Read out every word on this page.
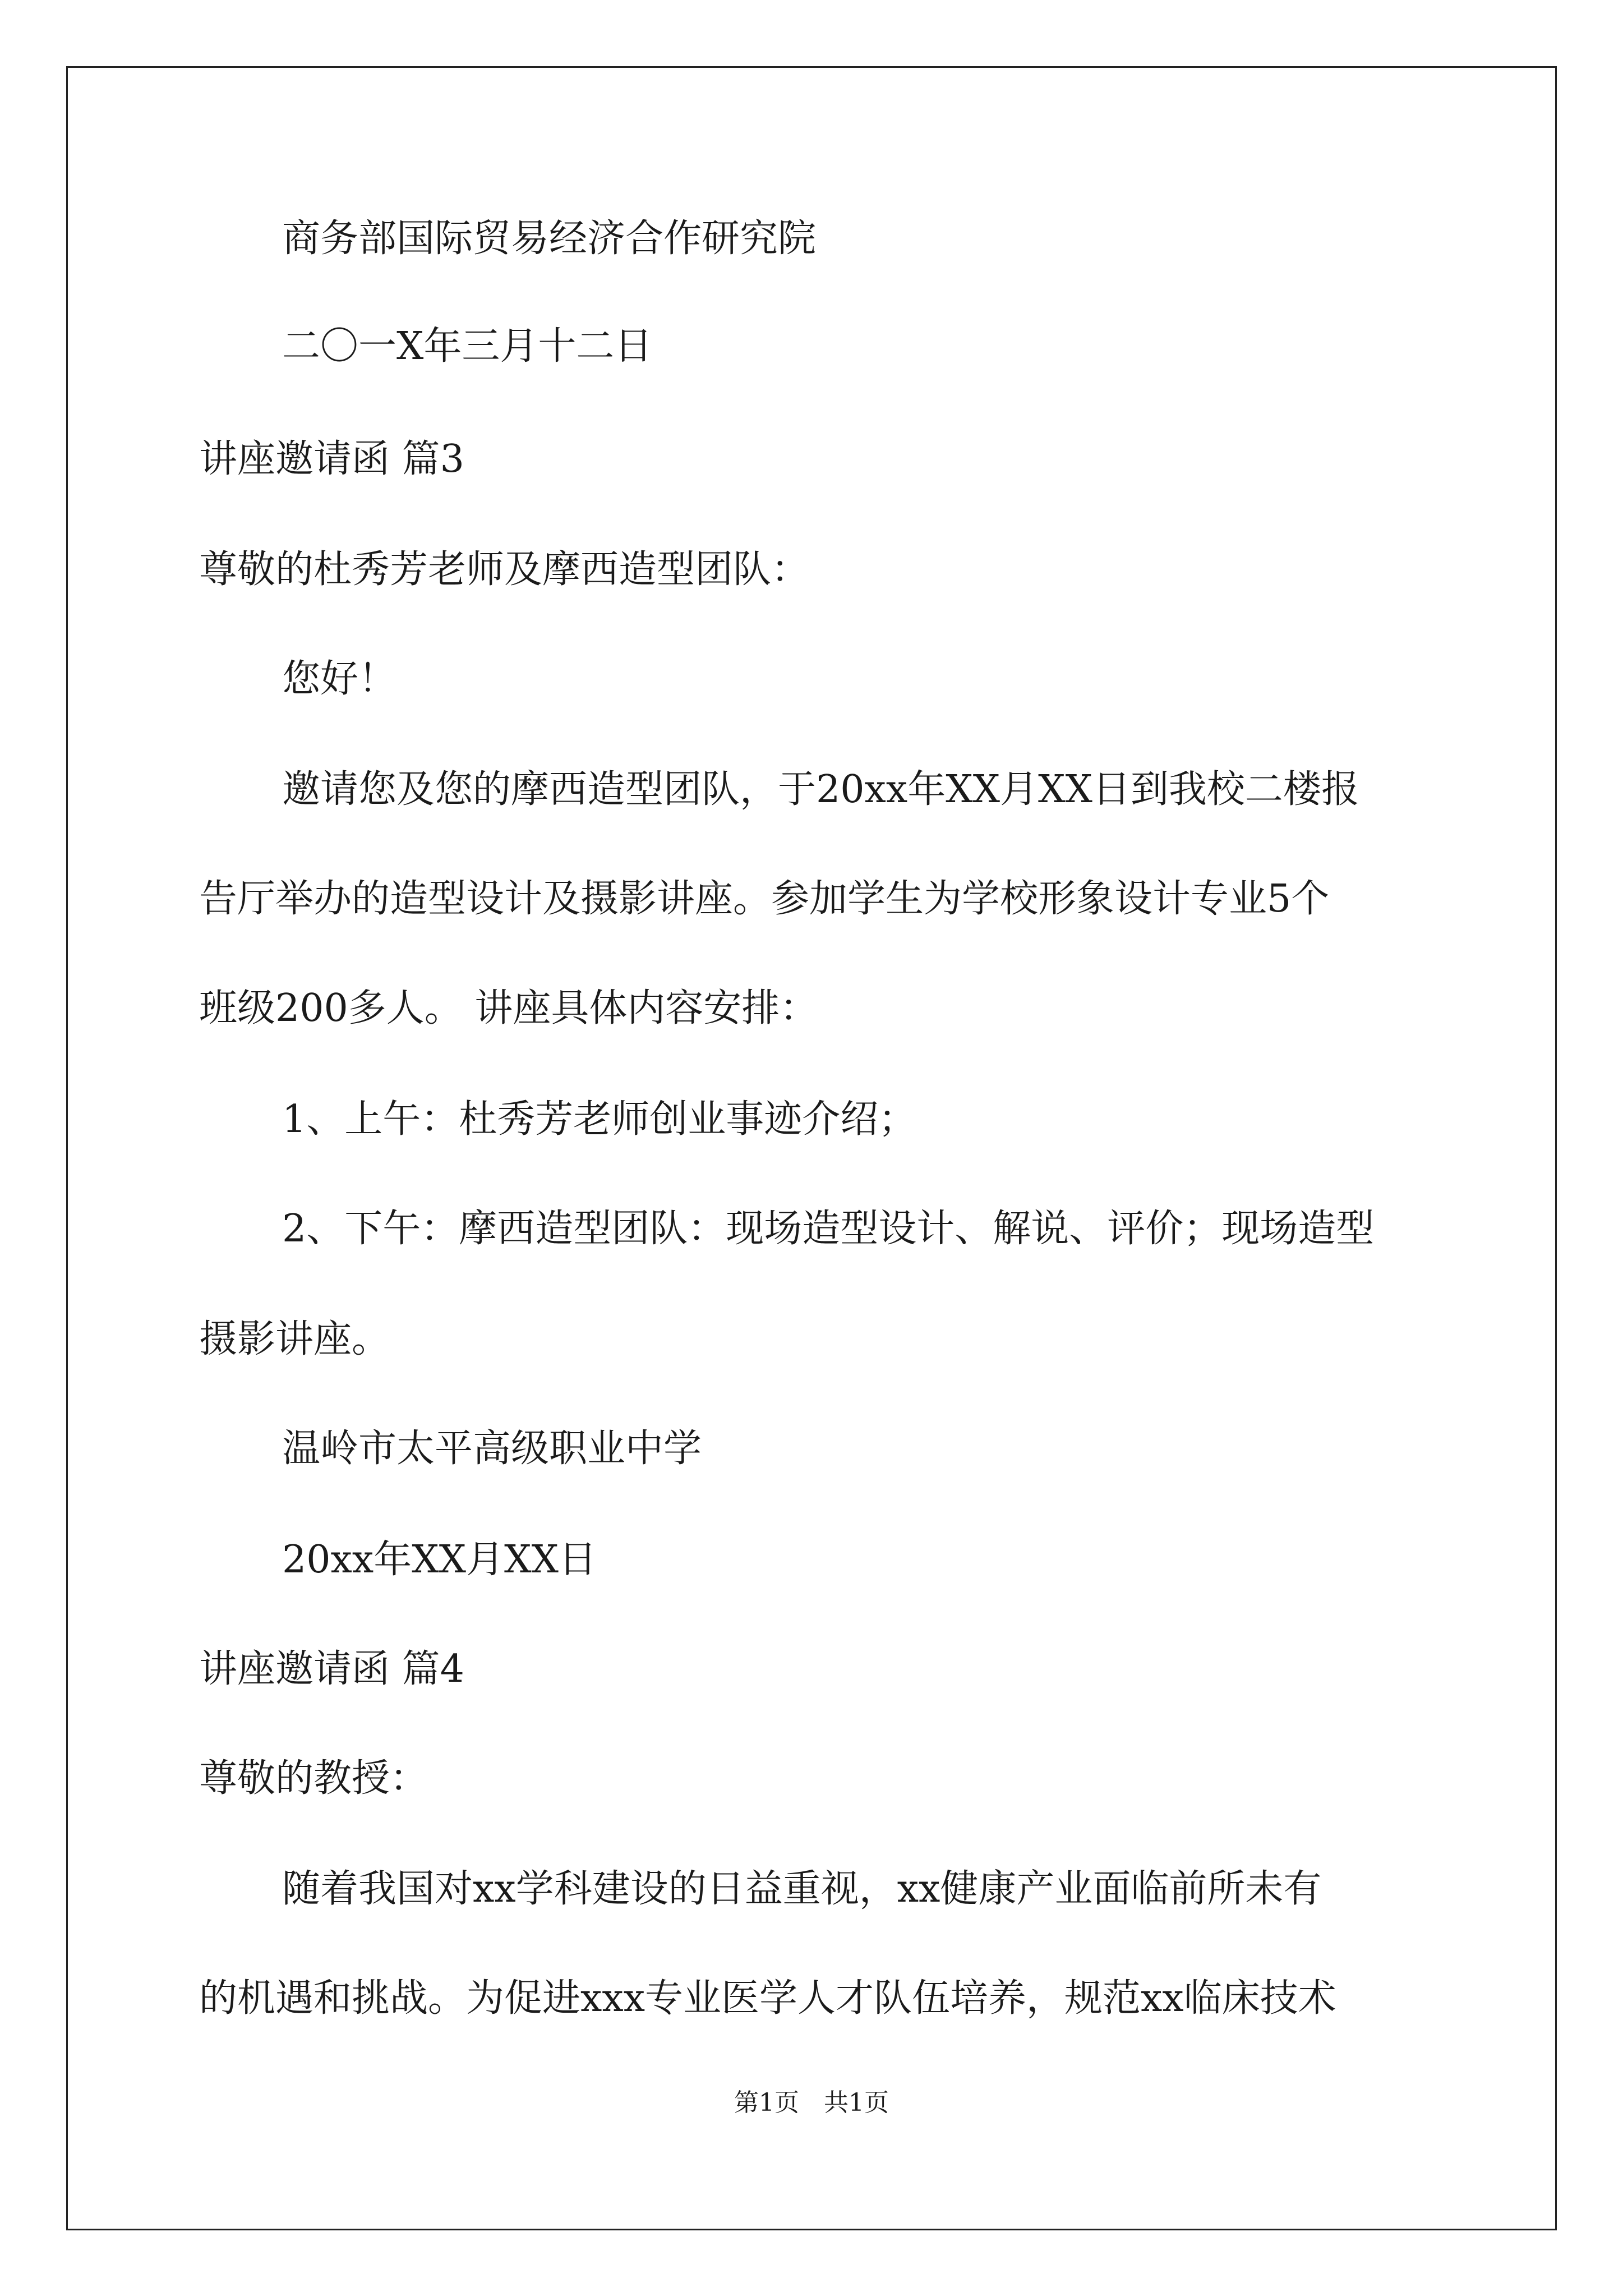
商务部国际贸易经济合作研究院
二〇一X年三月十二日
讲座邀请函 篇3
尊敬的杜秀芳老师及摩西造型团队：
您好！
邀请您及您的摩西造型团队，于20xx年XX月XX日到我校二楼报
告厅举办的造型设计及摄影讲座。参加学生为学校形象设计专业5个
班级200多人。 讲座具体内容安排：
1、上午：杜秀芳老师创业事迹介绍；
2、下午：摩西造型团队：现场造型设计、解说、评价；现场造型
摄影讲座。
温岭市太平高级职业中学
20xx年XX月XX日
讲座邀请函 篇4
尊敬的教授：
随着我国对xx学科建设的日益重视，xx健康产业面临前所未有
的机遇和挑战。为促进xxx专业医学人才队伍培养，规范xx临床技术
第1页　共1页
